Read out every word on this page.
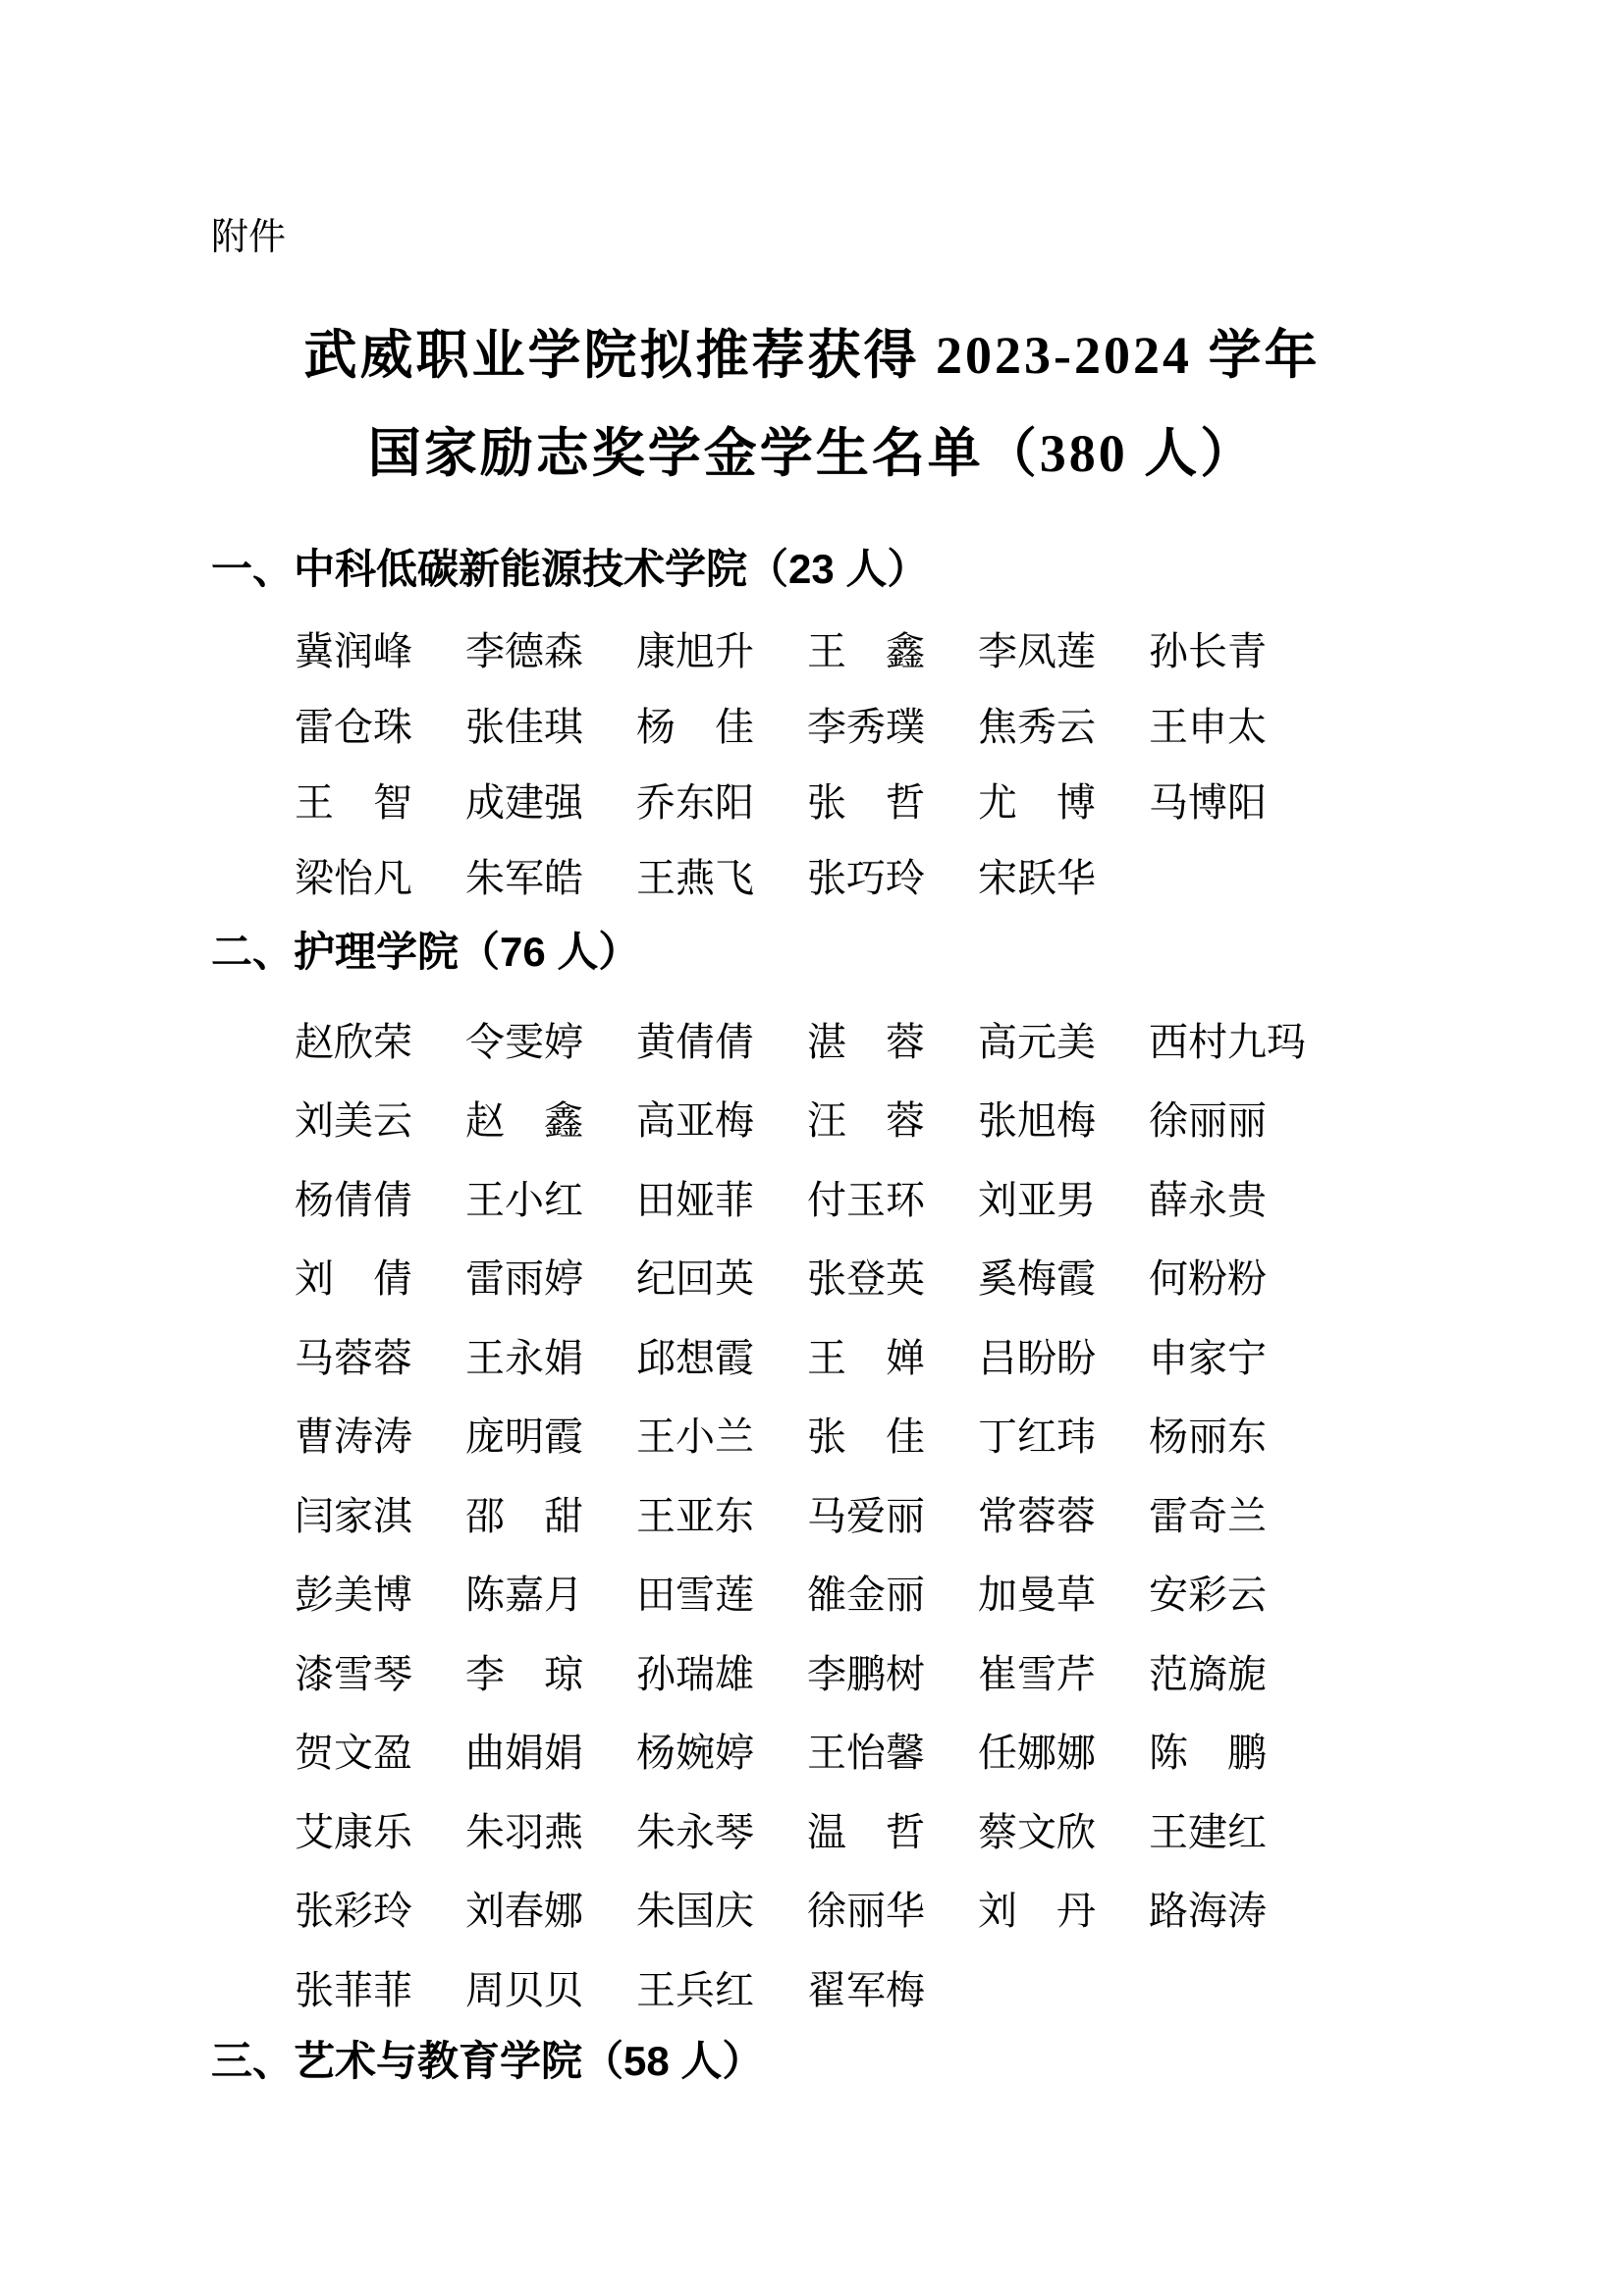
附件
武威职业学院拟推荐获得 2023-2024 学年
国家励志奖学金学生名单（380 人）
一、中科低碳新能源技术学院（23 人）
冀润峰 李德森 康旭升 王　鑫 李凤莲 孙长青
雷仓珠 张佳琪 杨　佳 李秀璞 焦秀云 王申太
王　智 成建强 乔东阳 张　哲 尤　博 马博阳
梁怡凡 朱军皓 王燕飞 张巧玲 宋跃华
二、护理学院（76 人）
赵欣荣 令雯婷 黄倩倩 湛　蓉 高元美 西村九玛
刘美云 赵　鑫 高亚梅 汪　蓉 张旭梅 徐丽丽
杨倩倩 王小红 田娅菲 付玉环 刘亚男 薛永贵
刘　倩 雷雨婷 纪回英 张登英 奚梅霞 何粉粉
马蓉蓉 王永娟 邱想霞 王　婵 吕盼盼 申家宁
曹涛涛 庞明霞 王小兰 张　佳 丁红玮 杨丽东
闫家淇 邵　甜 王亚东 马爱丽 常蓉蓉 雷奇兰
彭美博 陈嘉月 田雪莲 雒金丽 加曼草 安彩云
漆雪琴 李　琼 孙瑞雄 李鹏树 崔雪芹 范旖旎
贺文盈 曲娟娟 杨婉婷 王怡馨 任娜娜 陈　鹏
艾康乐 朱羽燕 朱永琴 温　哲 蔡文欣 王建红
张彩玲 刘春娜 朱国庆 徐丽华 刘　丹 路海涛
张菲菲 周贝贝 王兵红 翟军梅
三、艺术与教育学院（58 人）
